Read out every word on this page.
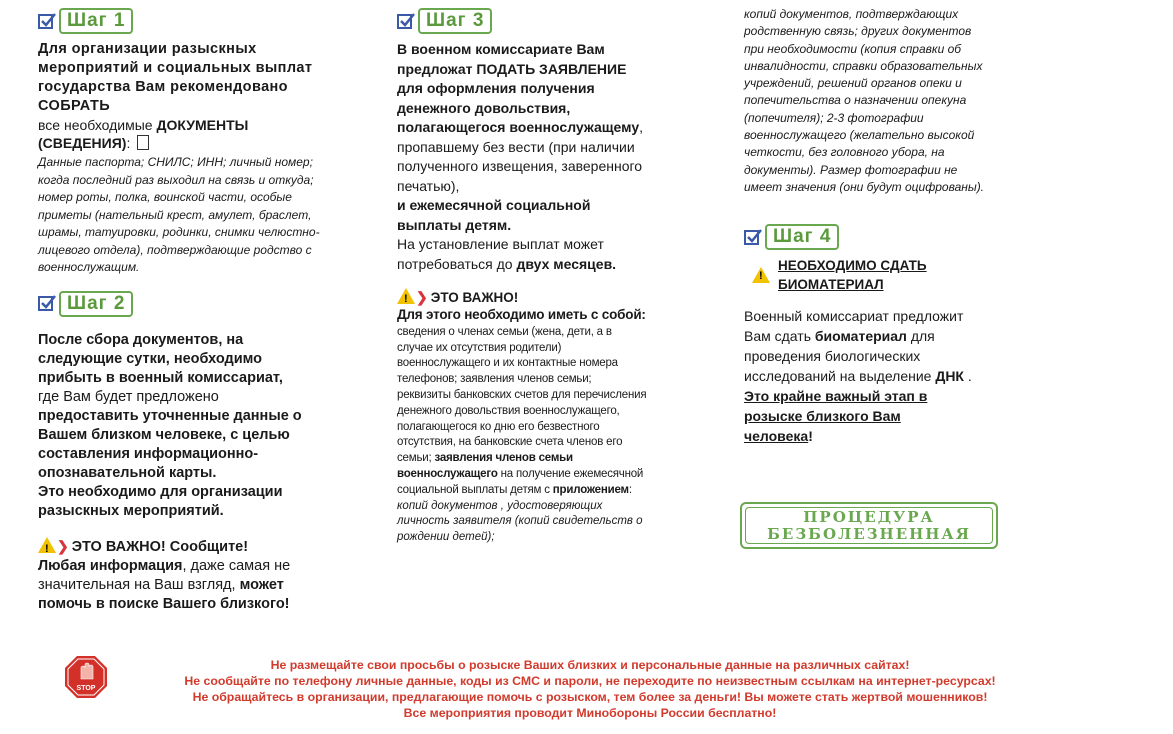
Шаг 1
Для организации разыскных мероприятий и социальных выплат государства Вам рекомендовано СОБРАТЬ
все необходимые ДОКУМЕНТЫ (СВЕДЕНИЯ):
Данные паспорта; СНИЛС; ИНН; личный номер; когда последний раз выходил на связь и откуда; номер роты, полка, воинской части, особые приметы (нательный крест, амулет, браслет, шрамы, татуировки, родинки, снимки челюстно-лицевого отдела), подтверждающие родство с военнослужащим.
Шаг 2
После сбора документов, на следующие сутки, необходимо прибыть в военный комиссариат,
где Вам будет предложено
предоставить уточненные данные о Вашем близком человеке, с целью составления информационно-опознавательной карты.
Это необходимо для организации разыскных мероприятий.
! ❯ ЭТО ВАЖНО! Сообщите!
Любая информация, даже самая не значительная на Ваш взгляд, может помочь в поиске Вашего близкого!
Шаг 3
В военном комиссариате Вам предложат ПОДАТЬ ЗАЯВЛЕНИЕ для оформления получения денежного довольствия, полагающегося военнослужащему, пропавшему без вести (при наличии полученного извещения, заверенного печатью),
и ежемесячной социальной выплаты детям.
На установление выплат может потребоваться до двух месяцев.
! ❯ ЭТО ВАЖНО!
Для этого необходимо иметь с собой: сведения о членах семьи (жена, дети, а в случае их отсутствия родители) военнослужащего и их контактные номера телефонов; заявления членов семьи; реквизиты банковских счетов для перечисления денежного довольствия военнослужащего, полагающегося ко дню его безвестного отсутствия, на банковские счета членов его семьи; заявления членов семьи военнослужащего на получение ежемесячной социальной выплаты детям с приложением:
копий документов , удостоверяющих личность заявителя (копий свидетельств о рождении детей);
копий документов, подтверждающих родственную связь; других документов при необходимости (копия справки об инвалидности, справки образовательных учреждений, решений органов опеки и попечительства о назначении опекуна (попечителя); 2-3 фотографии военнослужащего (желательно высокой четкости, без головного убора, на документы). Размер фотографии не имеет значения (они будут оцифрованы).
Шаг 4
!
НЕОБХОДИМО СДАТЬ БИОМАТЕРИАЛ
Военный комиссариат предложит Вам сдать биоматериал для проведения биологических исследований на выделение ДНК .
Это крайне важный этап в розыске близкого Вам человека!
ПРОЦЕДУРА
БЕЗБОЛЕЗНЕННАЯ
STOP
Не размещайте свои просьбы о розыске Ваших близких и персональные данные на различных сайтах!
Не сообщайте по телефону личные данные, коды из СМС и пароли, не переходите по неизвестным ссылкам на интернет-ресурсах!
Не обращайтесь в организации, предлагающие помочь с розыском, тем более за деньги! Вы можете стать жертвой мошенников!
Все мероприятия проводит Минобороны России бесплатно!
